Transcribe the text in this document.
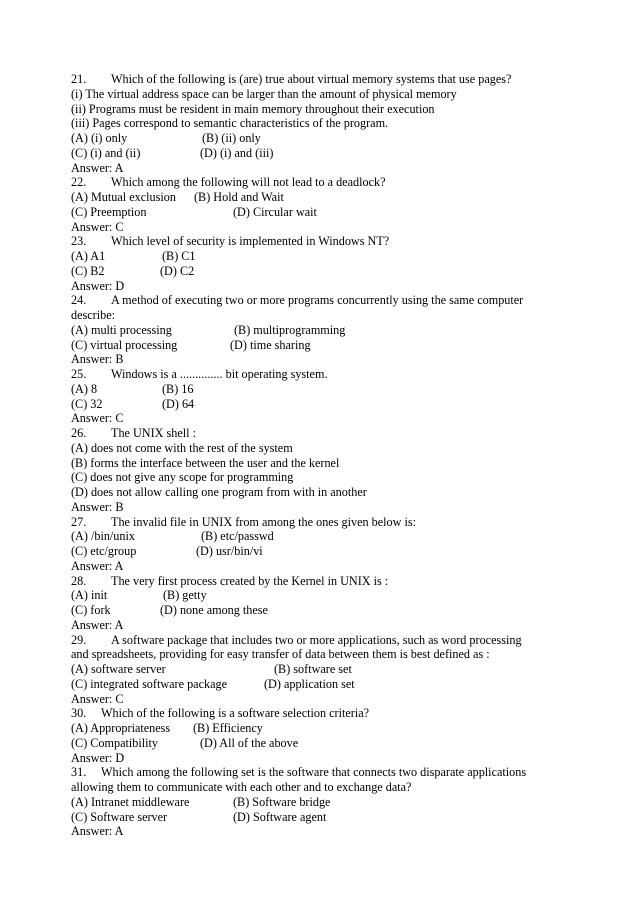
21. Which of the following is (are) true about virtual memory systems that use pages?
(i) The virtual address space can be larger than the amount of physical memory
(ii) Programs must be resident in main memory throughout their execution
(iii) Pages correspond to semantic characteristics of the program.
(A) (i) only	(B) (ii) only
(C) (i) and (ii)	(D) (i) and (iii)
Answer: A
22. Which among the following will not lead to a deadlock?
(A) Mutual exclusion (B) Hold and Wait
(C) Preemption	(D) Circular wait
Answer: C
23. Which level of security is implemented in Windows NT?
(A) A1	(B) C1
(C) B2	(D) C2
Answer: D
24. A method of executing two or more programs concurrently using the same computer
describe:
(A) multi processing	(B) multiprogramming
(C) virtual processing	(D) time sharing
Answer: B
25. Windows is a .............. bit operating system.
(A) 8	(B) 16
(C) 32	(D) 64
Answer: C
26. The UNIX shell :
(A) does not come with the rest of the system
(B) forms the interface between the user and the kernel
(C) does not give any scope for programming
(D) does not allow calling one program from with in another
Answer: B
27. The invalid file in UNIX from among the ones given below is:
(A) /bin/unix	(B) etc/passwd
(C) etc/group	(D) usr/bin/vi
Answer: A
28. The very first process created by the Kernel in UNIX is :
(A) init	(B) getty
(C) fork	(D) none among these
Answer: A
29. A software package that includes two or more applications, such as word processing
and spreadsheets, providing for easy transfer of data between them is best defined as :
(A) software server	(B) software set
(C) integrated software package	(D) application set
Answer: C
30. Which of the following is a software selection criteria?
(A) Appropriateness (B) Efficiency
(C) Compatibility	(D) All of the above
Answer: D
31. Which among the following set is the software that connects two disparate applications
allowing them to communicate with each other and to exchange data?
(A) Intranet middleware	(B) Software bridge
(C) Software server	(D) Software agent
Answer: A
